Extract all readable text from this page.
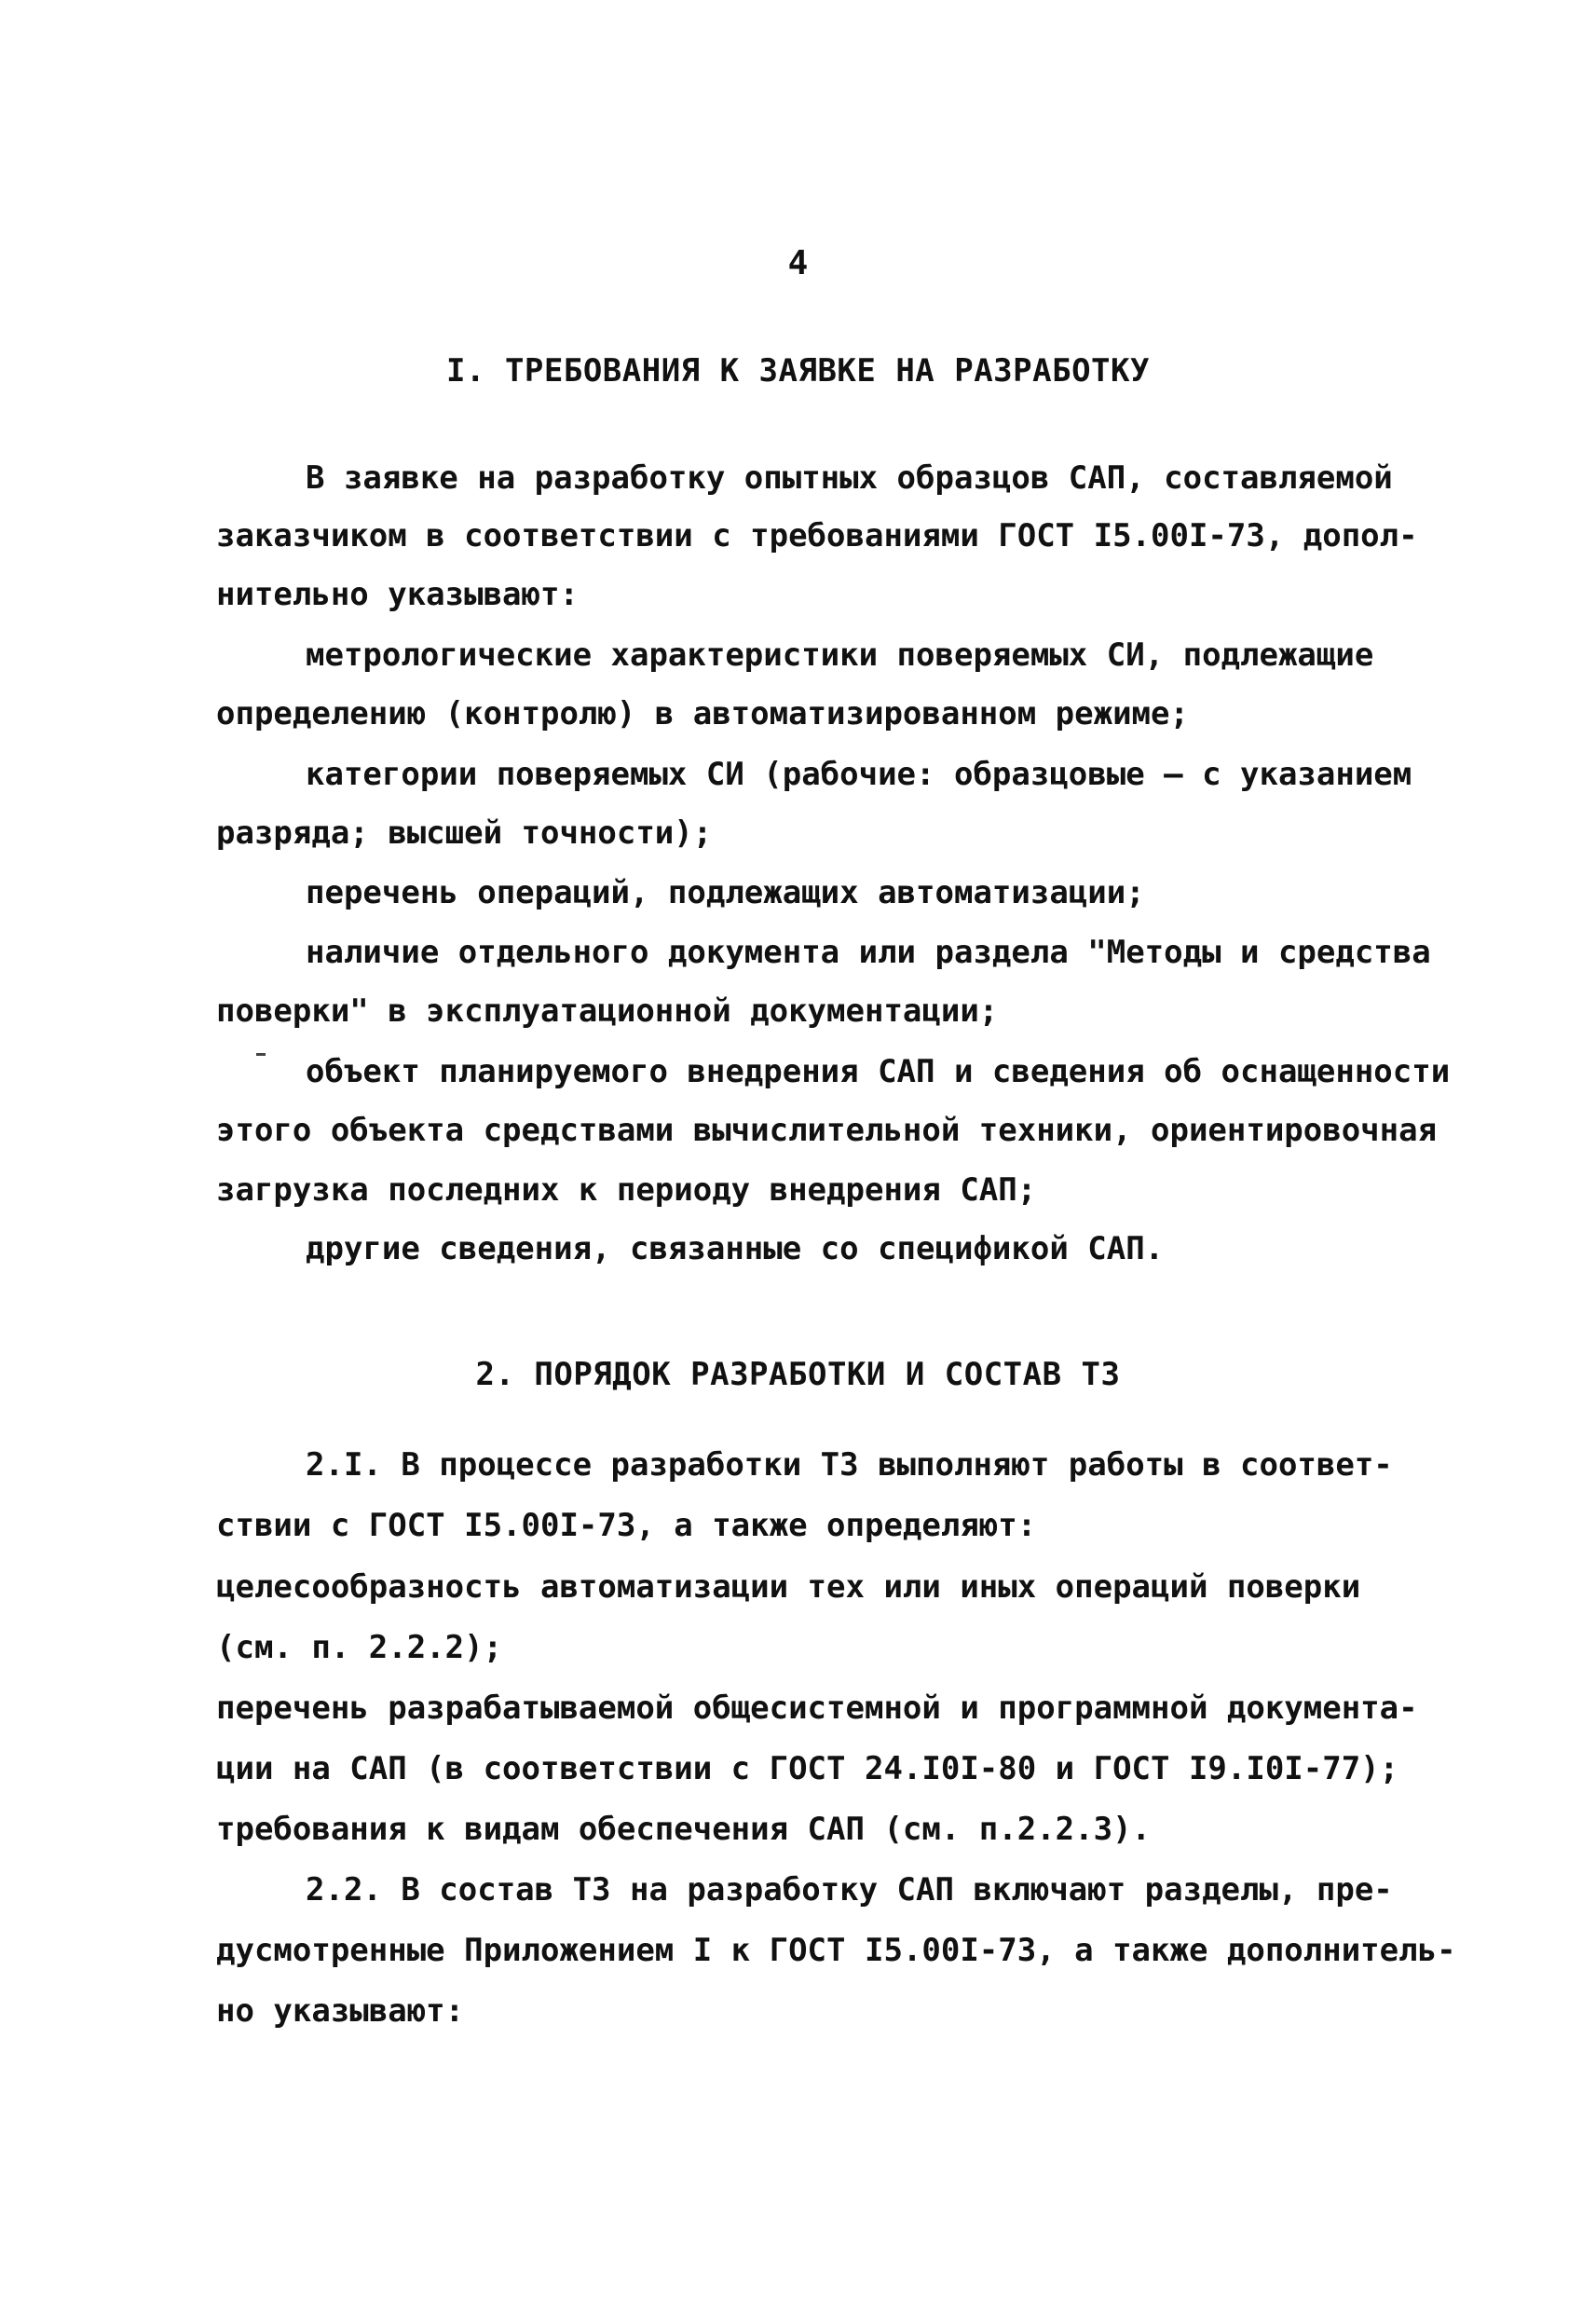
4
I. ТРЕБОВАНИЯ К ЗАЯВКЕ НА РАЗРАБОТКУ
В заявке на разработку опытных образцов САП, составляемой
заказчиком в соответствии с требованиями ГОСТ I5.00I-73, допол-
нительно указывают:
метрологические характеристики поверяемых СИ, подлежащие
определению (контролю) в автоматизированном режиме;
категории поверяемых СИ (рабочие: образцовые – с указанием
разряда; высшей точности);
перечень операций, подлежащих автоматизации;
наличие отдельного документа или раздела "Методы и средства
поверки" в эксплуатационной документации;
объект планируемого внедрения САП и сведения об оснащенности
этого объекта средствами вычислительной техники, ориентировочная
загрузка последних к периоду внедрения САП;
другие сведения, связанные со спецификой САП.
2. ПОРЯДОК РАЗРАБОТКИ И СОСТАВ ТЗ
2.I. В процессе разработки ТЗ выполняют работы в соответ-
ствии с ГОСТ I5.00I-73, а также определяют:
целесообразность автоматизации тех или иных операций поверки
(см. п. 2.2.2);
перечень разрабатываемой общесистемной и программной документа-
ции на САП (в соответствии с ГОСТ 24.I0I-80 и ГОСТ I9.I0I-77);
требования к видам обеспечения САП (см. п.2.2.3).
2.2. В состав ТЗ на разработку САП включают разделы, пре-
дусмотренные Приложением I к ГОСТ I5.00I-73, а также дополнитель-
но указывают:
